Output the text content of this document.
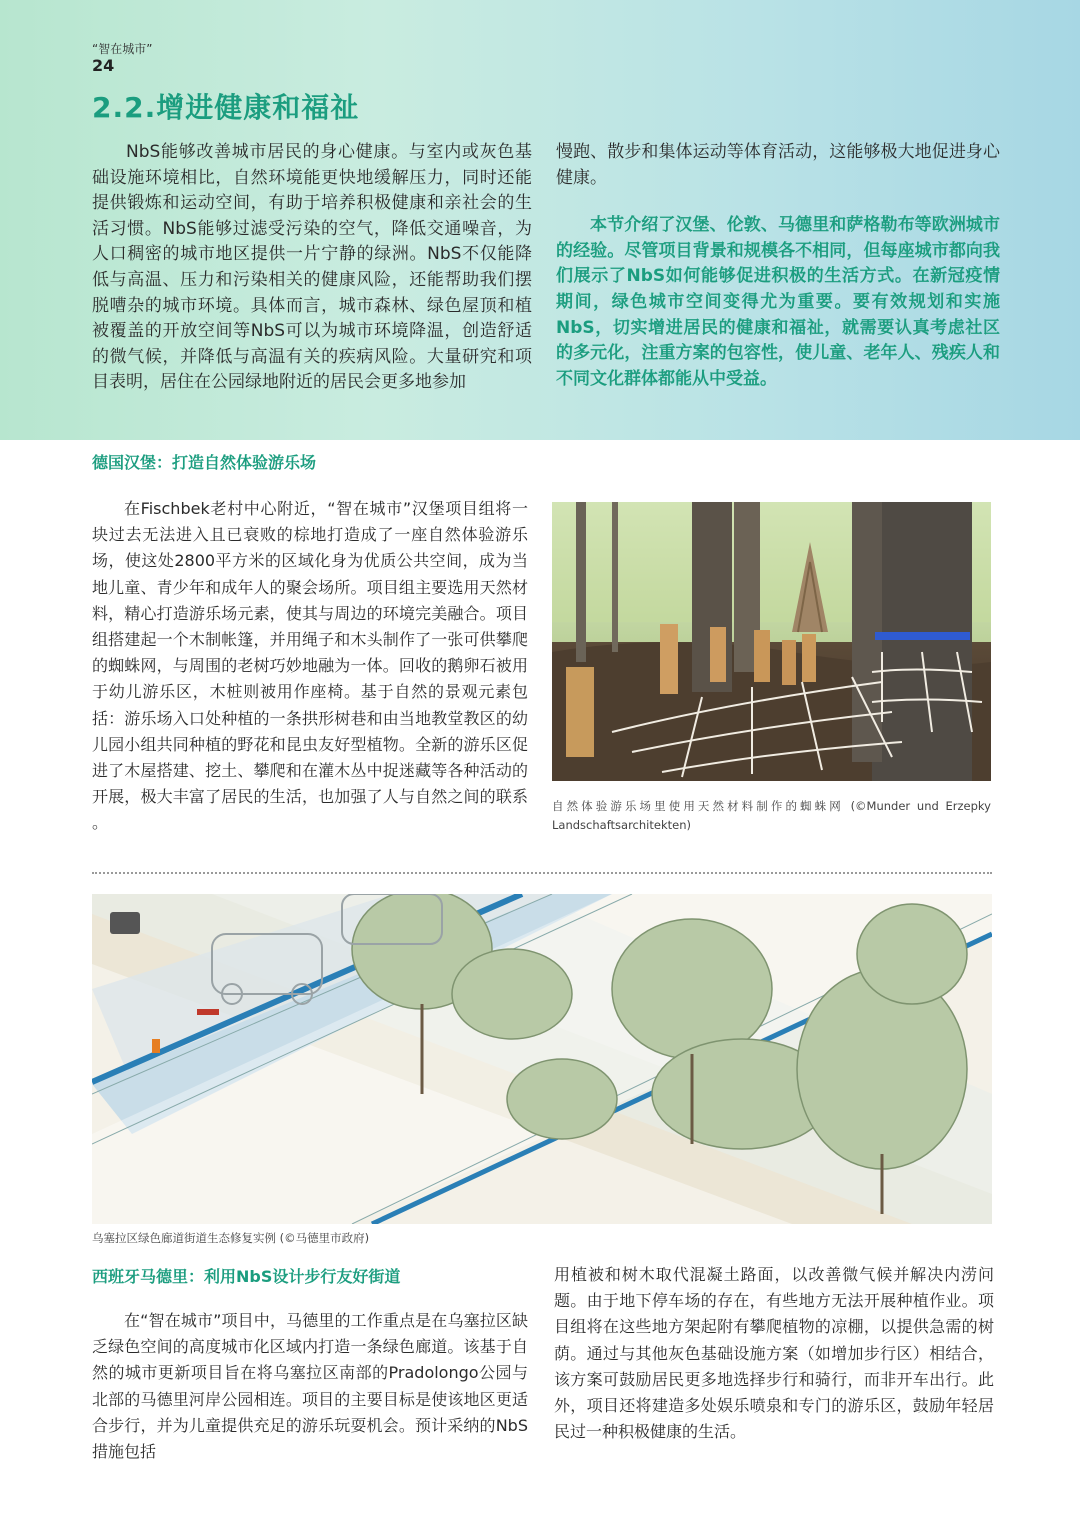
“智在城市”
24
2.2.增进健康和福祉

NbS能够改善城市居民的身心健康。与室内或灰色基础设施环境相比，自然环境能更快地缓解压力，同时还能提供锻炼和运动空间，有助于培养积极健康和亲社会的生活习惯。NbS能够过滤受污染的空气，降低交通噪音，为人口稠密的城市地区提供一片宁静的绿洲。NbS不仅能降低与高温、压力和污染相关的健康风险，还能帮助我们摆脱嘈杂的城市环境。具体而言，城市森林、绿色屋顶和植被覆盖的开放空间等NbS可以为城市环境降温，创造舒适的微气候，并降低与高温有关的疾病风险。大量研究和项目表明，居住在公园绿地附近的居民会更多地参加

慢跑、散步和集体运动等体育活动，这能够极大地促进身心健康。

本节介绍了汉堡、伦敦、马德里和萨格勒布等欧洲城市的经验。尽管项目背景和规模各不相同，但每座城市都向我们展示了NbS如何能够促进积极的生活方式。在新冠疫情期间，绿色城市空间变得尤为重要。要有效规划和实施NbS，切实增进居民的健康和福祉，就需要认真考虑社区的多元化，注重方案的包容性，使儿童、老年人、残疾人和不同文化群体都能从中受益。

德国汉堡：打造自然体验游乐场

在Fischbek老村中心附近，“智在城市”汉堡项目组将一块过去无法进入且已衰败的棕地打造成了一座自然体验游乐场，使这处2800平方米的区域化身为优质公共空间，成为当地儿童、青少年和成年人的聚会场所。项目组主要选用天然材料，精心打造游乐场元素，使其与周边的环境完美融合。项目组搭建起一个木制帐篷，并用绳子和木头制作了一张可供攀爬的蜘蛛网，与周围的老树巧妙地融为一体。回收的鹅卵石被用于幼儿游乐区，木桩则被用作座椅。基于自然的景观元素包括：游乐场入口处种植的一条拱形树巷和由当地教堂教区的幼儿园小组共同种植的野花和昆虫友好型植物。全新的游乐区促进了木屋搭建、挖土、攀爬和在灌木丛中捉迷藏等各种活动的开展，极大丰富了居民的生活，也加强了人与自然之间的联系 。

自然体验游乐场里使用天然材料制作的蜘蛛网 (©Munder und Erzepky Landschaftsarchitekten)
乌塞拉区绿色廊道街道生态修复实例 (©马德里市政府)
西班牙马德里：利用NbS设计步行友好街道

在“智在城市”项目中，马德里的工作重点是在乌塞拉区缺乏绿色空间的高度城市化区域内打造一条绿色廊道。该基于自然的城市更新项目旨在将乌塞拉区南部的Pradolongo公园与北部的马德里河岸公园相连。项目的主要目标是使该地区更适合步行，并为儿童提供充足的游乐玩耍机会。预计采纳的NbS措施包括

用植被和树木取代混凝土路面，以改善微气候并解决内涝问题。由于地下停车场的存在，有些地方无法开展种植作业。项目组将在这些地方架起附有攀爬植物的凉棚，以提供急需的树荫。通过与其他灰色基础设施方案（如增加步行区）相结合，该方案可鼓励居民更多地选择步行和骑行，而非开车出行。此外，项目还将建造多处娱乐喷泉和专门的游乐区，鼓励年轻居民过一种积极健康的生活。
